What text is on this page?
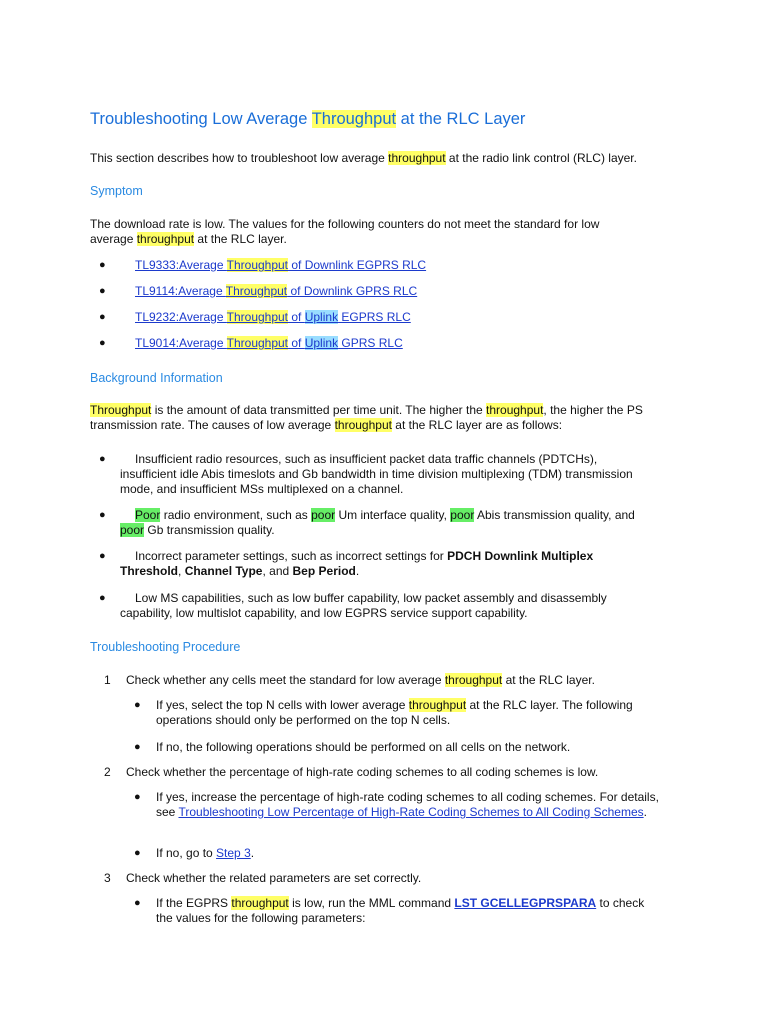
Troubleshooting Low Average Throughput at the RLC Layer

This section describes how to troubleshoot low average throughput at the radio link control (RLC) layer.

Symptom

The download rate is low. The values for the following counters do not meet the standard for low average throughput at the RLC layer.

● TL9333:Average Throughput of Downlink EGPRS RLC
● TL9114:Average Throughput of Downlink GPRS RLC
● TL9232:Average Throughput of Uplink EGPRS RLC
● TL9014:Average Throughput of Uplink GPRS RLC
Background Information

Throughput is the amount of data transmitted per time unit. The higher the throughput, the higher the PS transmission rate. The causes of low average throughput at the RLC layer are as follows:

●	Insufficient radio resources, such as insufficient packet data traffic channels (PDTCHs), insufficient idle Abis timeslots and Gb bandwidth in time division multiplexing (TDM) transmission mode, and insufficient MSs multiplexed on a channel.
●	Poor radio environment, such as poor Um interface quality, poor Abis transmission quality, and poor Gb transmission quality.
●	Incorrect parameter settings, such as incorrect settings for PDCH Downlink Multiplex Threshold, Channel Type, and Bep Period.
●	Low MS capabilities, such as low buffer capability, low packet assembly and disassembly capability, low multislot capability, and low EGPRS service support capability.
Troubleshooting Procedure
1 Check whether any cells meet the standard for low average throughput at the RLC layer.
● If yes, select the top N cells with lower average throughput at the RLC layer. The following operations should only be performed on the top N cells.
● If no, the following operations should be performed on all cells on the network.
2 Check whether the percentage of high-rate coding schemes to all coding schemes is low.
● If yes, increase the percentage of high-rate coding schemes to all coding schemes. For details, see Troubleshooting Low Percentage of High-Rate Coding Schemes to All Coding Schemes.
● If no, go to Step 3.
3 Check whether the related parameters are set correctly.
● If the EGPRS throughput is low, run the MML command LST GCELLEGPRSPARA to check the values for the following parameters:
